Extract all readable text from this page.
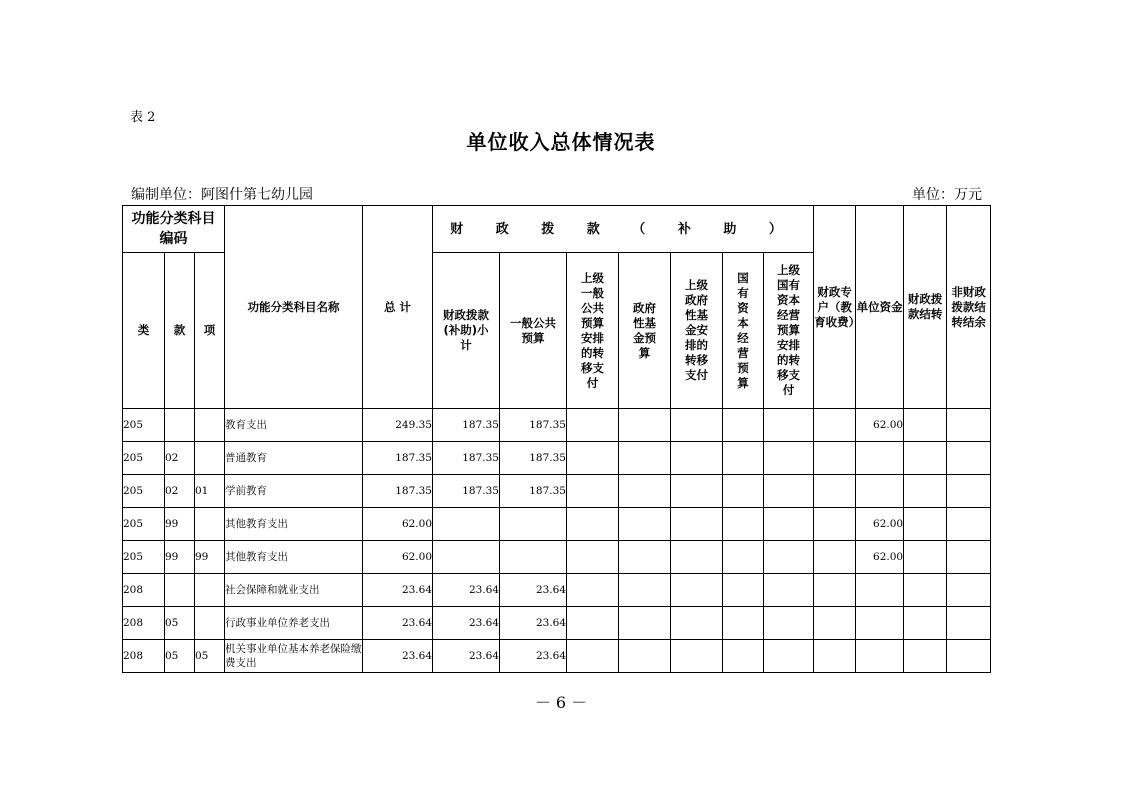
表 2
单位收入总体情况表
编制单位：阿图什第七幼儿园	单位：万元
功能分类科目编码			功能分类科目名称	总 计	财 政 拨 款 （ 补 助 ）							财政专户（教育收费）	单位资金	财政拨款结转	非财政拨款结转结余
类	款	项			财政拨款(补助)小计	一般公共预算	上级一般公共预算安排的转移支付	政府性基金预算	上级政府性基金安排的转移支付	国有资本经营预算	上级国有资本经营预算安排的转移支付				
205			教育支出	249.35	187.35	187.35							62.00		
205	02		普通教育	187.35	187.35	187.35									
205	02	01	学前教育	187.35	187.35	187.35									
205	99		其他教育支出	62.00									62.00		
205	99	99	其他教育支出	62.00									62.00		
208			社会保障和就业支出	23.64	23.64	23.64									
208	05		行政事业单位养老支出	23.64	23.64	23.64									
208	05	05	机关事业单位基本养老保险缴费支出	23.64	23.64	23.64									
－ 6 －
